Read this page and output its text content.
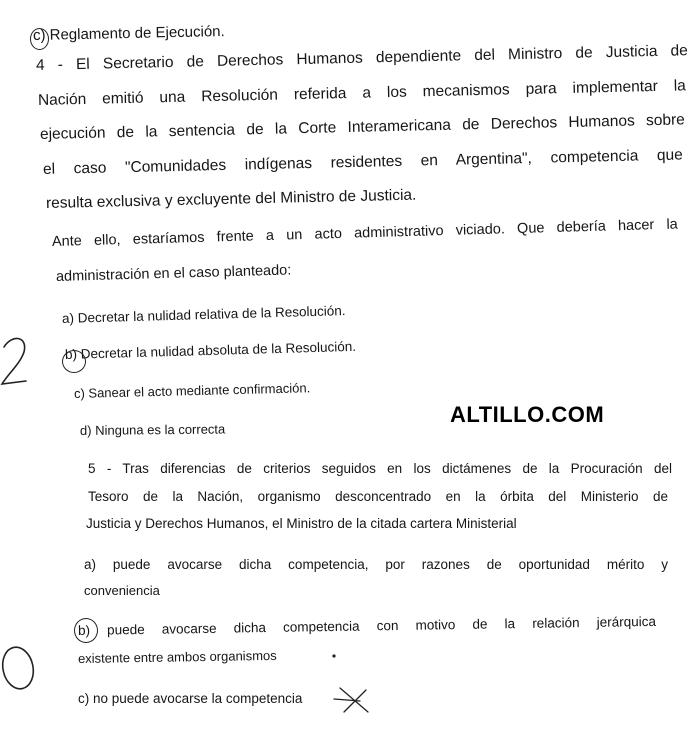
c) Reglamento de Ejecución.
4 - El Secretario de Derechos Humanos dependiente del Ministro de Justicia de
Nación emitió una Resolución referida a los mecanismos para implementar la
ejecución de la sentencia de la Corte Interamericana de Derechos Humanos sobre
el caso "Comunidades indígenas residentes en Argentina", competencia que
resulta exclusiva y excluyente del Ministro de Justicia.
Ante ello, estaríamos frente a un acto administrativo viciado. Que debería hacer la
administración en el caso planteado:
a) Decretar la nulidad relativa de la Resolución.
b) Decretar la nulidad absoluta de la Resolución.
c) Sanear el acto mediante confirmación.
d) Ninguna es la correcta
ALTILLO.COM
5 - Tras diferencias de criterios seguidos en los dictámenes de la Procuración del
Tesoro de la Nación, organismo desconcentrado en la órbita del Ministerio de
Justicia y Derechos Humanos, el Ministro de la citada cartera Ministerial
a) puede avocarse dicha competencia, por razones de oportunidad mérito y
conveniencia
b) puede avocarse dicha competencia con motivo de la relación jerárquica
existente entre ambos organismos
c) no puede avocarse la competencia
